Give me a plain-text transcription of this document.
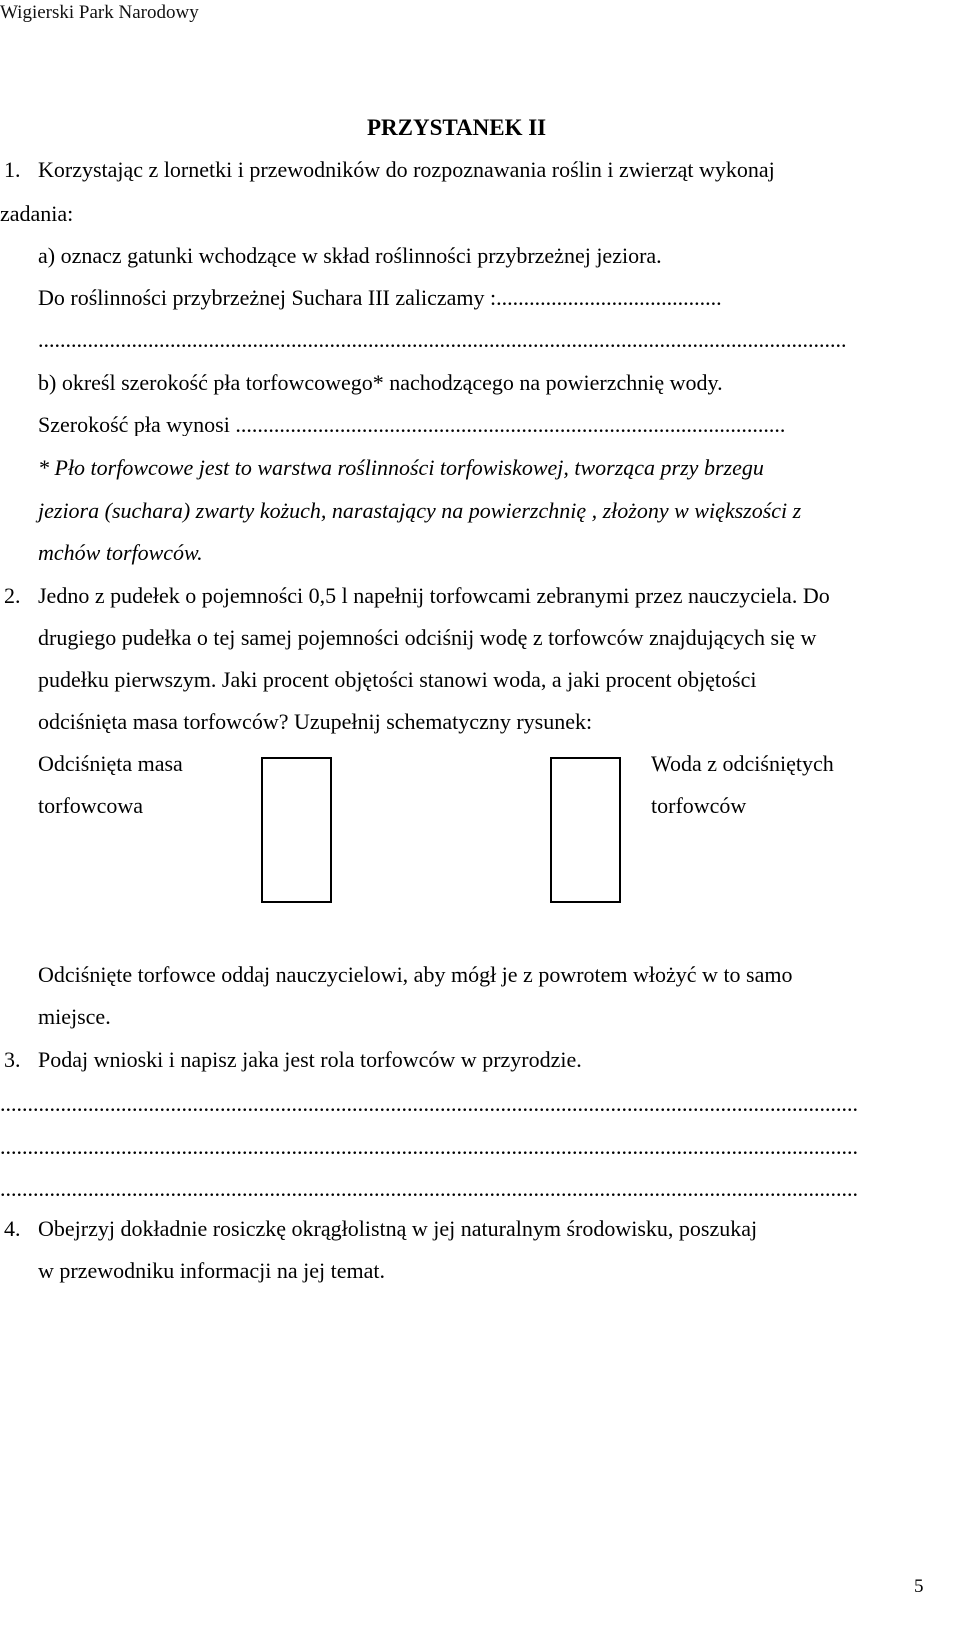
Wigierski Park Narodowy
PRZYSTANEK II
1. Korzystając z lornetki i przewodników do rozpoznawania roślin i zwierząt wykonaj
zadania:
a) oznacz gatunki wchodzące w skład roślinności przybrzeżnej jeziora.
Do roślinności przybrzeżnej Suchara III zaliczamy :.........................................
...................................................................................................................................................
b) określ szerokość pła torfowcowego* nachodzącego na powierzchnię wody.
Szerokość pła wynosi ....................................................................................................
* Pło torfowcowe jest to warstwa roślinności torfowiskowej, tworząca przy brzegu
jeziora (suchara) zwarty kożuch, narastający na powierzchnię , złożony w większości z
mchów torfowców.
2. Jedno z pudełek o pojemności 0,5 l napełnij torfowcami zebranymi przez nauczyciela. Do
drugiego pudełka o tej samej pojemności odciśnij wodę z torfowców znajdujących się w
pudełku pierwszym. Jaki procent objętości stanowi woda, a jaki procent objętości
odciśnięta masa torfowców? Uzupełnij schematyczny rysunek:
Odciśnięta masa
torfowcowa
Woda z odciśniętych
torfowców
Odciśnięte torfowce oddaj nauczycielowi, aby mógł je z powrotem włożyć w to samo
miejsce.
3. Podaj wnioski i napisz jaka jest rola torfowców w przyrodzie.
............................................................................................................................................................
............................................................................................................................................................
............................................................................................................................................................
4. Obejrzyj dokładnie rosiczkę okrągłolistną w jej naturalnym środowisku, poszukaj
w przewodniku informacji na jej temat.
5
